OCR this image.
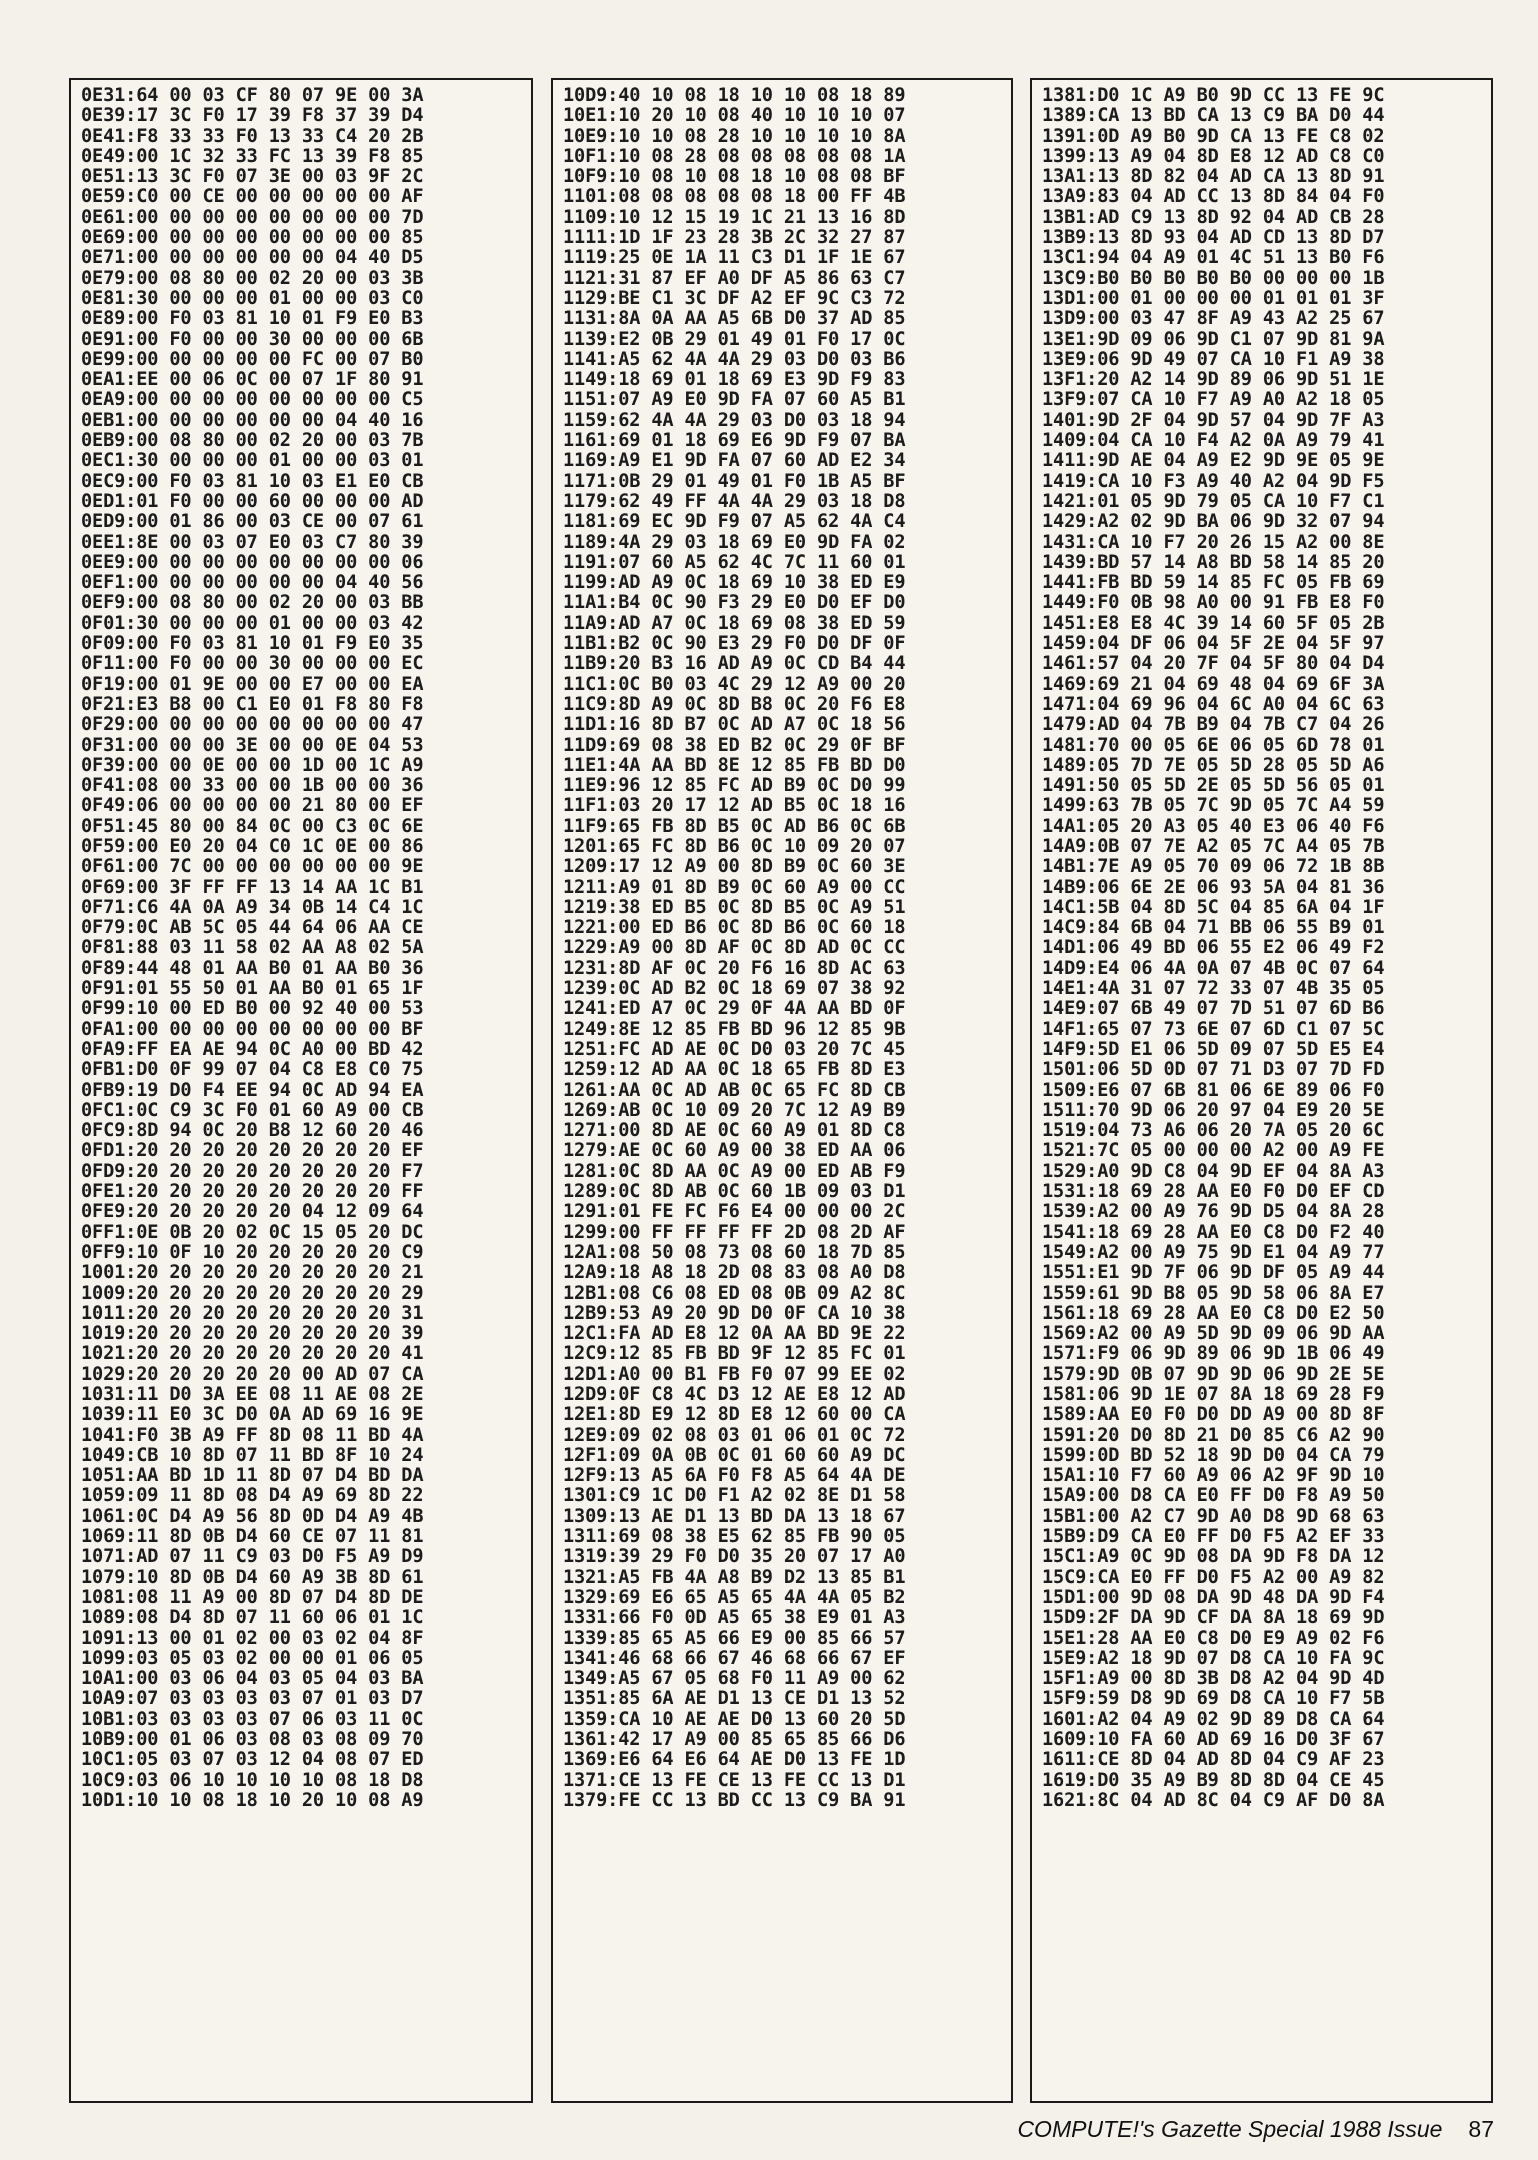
0E31:64 00 03 CF 80 07 9E 00 3A
0E39:17 3C F0 17 39 F8 37 39 D4
0E41:F8 33 33 F0 13 33 C4 20 2B
0E49:00 1C 32 33 FC 13 39 F8 85
0E51:13 3C F0 07 3E 00 03 9F 2C
0E59:C0 00 CE 00 00 00 00 00 AF
0E61:00 00 00 00 00 00 00 00 7D
0E69:00 00 00 00 00 00 00 00 85
0E71:00 00 00 00 00 00 04 40 D5
0E79:00 08 80 00 02 20 00 03 3B
0E81:30 00 00 00 01 00 00 03 C0
0E89:00 F0 03 81 10 01 F9 E0 B3
0E91:00 F0 00 00 30 00 00 00 6B
0E99:00 00 00 00 00 FC 00 07 B0
0EA1:EE 00 06 0C 00 07 1F 80 91
0EA9:00 00 00 00 00 00 00 00 C5
0EB1:00 00 00 00 00 00 04 40 16
0EB9:00 08 80 00 02 20 00 03 7B
0EC1:30 00 00 00 01 00 00 03 01
0EC9:00 F0 03 81 10 03 E1 E0 CB
0ED1:01 F0 00 00 60 00 00 00 AD
0ED9:00 01 86 00 03 CE 00 07 61
0EE1:8E 00 03 07 E0 03 C7 80 39
0EE9:00 00 00 00 00 00 00 00 06
0EF1:00 00 00 00 00 00 04 40 56
0EF9:00 08 80 00 02 20 00 03 BB
0F01:30 00 00 00 01 00 00 03 42
0F09:00 F0 03 81 10 01 F9 E0 35
0F11:00 F0 00 00 30 00 00 00 EC
0F19:00 01 9E 00 00 E7 00 00 EA
0F21:E3 B8 00 C1 E0 01 F8 80 F8
0F29:00 00 00 00 00 00 00 00 47
0F31:00 00 00 3E 00 00 0E 04 53
0F39:00 00 0E 00 00 1D 00 1C A9
0F41:08 00 33 00 00 1B 00 00 36
0F49:06 00 00 00 00 21 80 00 EF
0F51:45 80 00 84 0C 00 C3 0C 6E
0F59:00 E0 20 04 C0 1C 0E 00 86
0F61:00 7C 00 00 00 00 00 00 9E
0F69:00 3F FF FF 13 14 AA 1C B1
0F71:C6 4A 0A A9 34 0B 14 C4 1C
0F79:0C AB 5C 05 44 64 06 AA CE
0F81:88 03 11 58 02 AA A8 02 5A
0F89:44 48 01 AA B0 01 AA B0 36
0F91:01 55 50 01 AA B0 01 65 1F
0F99:10 00 ED B0 00 92 40 00 53
0FA1:00 00 00 00 00 00 00 00 BF
0FA9:FF EA AE 94 0C A0 00 BD 42
0FB1:D0 0F 99 07 04 C8 E8 C0 75
0FB9:19 D0 F4 EE 94 0C AD 94 EA
0FC1:0C C9 3C F0 01 60 A9 00 CB
0FC9:8D 94 0C 20 B8 12 60 20 46
0FD1:20 20 20 20 20 20 20 20 EF
0FD9:20 20 20 20 20 20 20 20 F7
0FE1:20 20 20 20 20 20 20 20 FF
0FE9:20 20 20 20 20 04 12 09 64
0FF1:0E 0B 20 02 0C 15 05 20 DC
0FF9:10 0F 10 20 20 20 20 20 C9
1001:20 20 20 20 20 20 20 20 21
1009:20 20 20 20 20 20 20 20 29
1011:20 20 20 20 20 20 20 20 31
1019:20 20 20 20 20 20 20 20 39
1021:20 20 20 20 20 20 20 20 41
1029:20 20 20 20 20 00 AD 07 CA
1031:11 D0 3A EE 08 11 AE 08 2E
1039:11 E0 3C D0 0A AD 69 16 9E
1041:F0 3B A9 FF 8D 08 11 BD 4A
1049:CB 10 8D 07 11 BD 8F 10 24
1051:AA BD 1D 11 8D 07 D4 BD DA
1059:09 11 8D 08 D4 A9 69 8D 22
1061:0C D4 A9 56 8D 0D D4 A9 4B
1069:11 8D 0B D4 60 CE 07 11 81
1071:AD 07 11 C9 03 D0 F5 A9 D9
1079:10 8D 0B D4 60 A9 3B 8D 61
1081:08 11 A9 00 8D 07 D4 8D DE
1089:08 D4 8D 07 11 60 06 01 1C
1091:13 00 01 02 00 03 02 04 8F
1099:03 05 03 02 00 00 01 06 05
10A1:00 03 06 04 03 05 04 03 BA
10A9:07 03 03 03 03 07 01 03 D7
10B1:03 03 03 03 07 06 03 11 0C
10B9:00 01 06 03 08 03 08 09 70
10C1:05 03 07 03 12 04 08 07 ED
10C9:03 06 10 10 10 10 08 18 D8
10D1:10 10 08 18 10 20 10 08 A9
10D9:40 10 08 18 10 10 08 18 89
10E1:10 20 10 08 40 10 10 10 07
10E9:10 10 08 28 10 10 10 10 8A
10F1:10 08 28 08 08 08 08 08 1A
10F9:10 08 10 08 18 10 08 08 BF
1101:08 08 08 08 08 18 00 FF 4B
1109:10 12 15 19 1C 21 13 16 8D
1111:1D 1F 23 28 3B 2C 32 27 87
1119:25 0E 1A 11 C3 D1 1F 1E 67
1121:31 87 EF A0 DF A5 86 63 C7
1129:BE C1 3C DF A2 EF 9C C3 72
1131:8A 0A AA A5 6B D0 37 AD 85
1139:E2 0B 29 01 49 01 F0 17 0C
1141:A5 62 4A 4A 29 03 D0 03 B6
1149:18 69 01 18 69 E3 9D F9 83
1151:07 A9 E0 9D FA 07 60 A5 B1
1159:62 4A 4A 29 03 D0 03 18 94
1161:69 01 18 69 E6 9D F9 07 BA
1169:A9 E1 9D FA 07 60 AD E2 34
1171:0B 29 01 49 01 F0 1B A5 BF
1179:62 49 FF 4A 4A 29 03 18 D8
1181:69 EC 9D F9 07 A5 62 4A C4
1189:4A 29 03 18 69 E0 9D FA 02
1191:07 60 A5 62 4C 7C 11 60 01
1199:AD A9 0C 18 69 10 38 ED E9
11A1:B4 0C 90 F3 29 E0 D0 EF D0
11A9:AD A7 0C 18 69 08 38 ED 59
11B1:B2 0C 90 E3 29 F0 D0 DF 0F
11B9:20 B3 16 AD A9 0C CD B4 44
11C1:0C B0 03 4C 29 12 A9 00 20
11C9:8D A9 0C 8D B8 0C 20 F6 E8
11D1:16 8D B7 0C AD A7 0C 18 56
11D9:69 08 38 ED B2 0C 29 0F BF
11E1:4A AA BD 8E 12 85 FB BD D0
11E9:96 12 85 FC AD B9 0C D0 99
11F1:03 20 17 12 AD B5 0C 18 16
11F9:65 FB 8D B5 0C AD B6 0C 6B
1201:65 FC 8D B6 0C 10 09 20 07
1209:17 12 A9 00 8D B9 0C 60 3E
1211:A9 01 8D B9 0C 60 A9 00 CC
1219:38 ED B5 0C 8D B5 0C A9 51
1221:00 ED B6 0C 8D B6 0C 60 18
1229:A9 00 8D AF 0C 8D AD 0C CC
1231:8D AF 0C 20 F6 16 8D AC 63
1239:0C AD B2 0C 18 69 07 38 92
1241:ED A7 0C 29 0F 4A AA BD 0F
1249:8E 12 85 FB BD 96 12 85 9B
1251:FC AD AE 0C D0 03 20 7C 45
1259:12 AD AA 0C 18 65 FB 8D E3
1261:AA 0C AD AB 0C 65 FC 8D CB
1269:AB 0C 10 09 20 7C 12 A9 B9
1271:00 8D AE 0C 60 A9 01 8D C8
1279:AE 0C 60 A9 00 38 ED AA 06
1281:0C 8D AA 0C A9 00 ED AB F9
1289:0C 8D AB 0C 60 1B 09 03 D1
1291:01 FE FC F6 E4 00 00 00 2C
1299:00 FF FF FF FF 2D 08 2D AF
12A1:08 50 08 73 08 60 18 7D 85
12A9:18 A8 18 2D 08 83 08 A0 D8
12B1:08 C6 08 ED 08 0B 09 A2 8C
12B9:53 A9 20 9D D0 0F CA 10 38
12C1:FA AD E8 12 0A AA BD 9E 22
12C9:12 85 FB BD 9F 12 85 FC 01
12D1:A0 00 B1 FB F0 07 99 EE 02
12D9:0F C8 4C D3 12 AE E8 12 AD
12E1:8D E9 12 8D E8 12 60 00 CA
12E9:09 02 08 03 01 06 01 0C 72
12F1:09 0A 0B 0C 01 60 60 A9 DC
12F9:13 A5 6A F0 F8 A5 64 4A DE
1301:C9 1C D0 F1 A2 02 8E D1 58
1309:13 AE D1 13 BD DA 13 18 67
1311:69 08 38 E5 62 85 FB 90 05
1319:39 29 F0 D0 35 20 07 17 A0
1321:A5 FB 4A A8 B9 D2 13 85 B1
1329:69 E6 65 A5 65 4A 4A 05 B2
1331:66 F0 0D A5 65 38 E9 01 A3
1339:85 65 A5 66 E9 00 85 66 57
1341:46 68 66 67 46 68 66 67 EF
1349:A5 67 05 68 F0 11 A9 00 62
1351:85 6A AE D1 13 CE D1 13 52
1359:CA 10 AE AE D0 13 60 20 5D
1361:42 17 A9 00 85 65 85 66 D6
1369:E6 64 E6 64 AE D0 13 FE 1D
1371:CE 13 FE CE 13 FE CC 13 D1
1379:FE CC 13 BD CC 13 C9 BA 91
1381:D0 1C A9 B0 9D CC 13 FE 9C
1389:CA 13 BD CA 13 C9 BA D0 44
1391:0D A9 B0 9D CA 13 FE C8 02
1399:13 A9 04 8D E8 12 AD C8 C0
13A1:13 8D 82 04 AD CA 13 8D 91
13A9:83 04 AD CC 13 8D 84 04 F0
13B1:AD C9 13 8D 92 04 AD CB 28
13B9:13 8D 93 04 AD CD 13 8D D7
13C1:94 04 A9 01 4C 51 13 B0 F6
13C9:B0 B0 B0 B0 B0 00 00 00 1B
13D1:00 01 00 00 00 01 01 01 3F
13D9:00 03 47 8F A9 43 A2 25 67
13E1:9D 09 06 9D C1 07 9D 81 9A
13E9:06 9D 49 07 CA 10 F1 A9 38
13F1:20 A2 14 9D 89 06 9D 51 1E
13F9:07 CA 10 F7 A9 A0 A2 18 05
1401:9D 2F 04 9D 57 04 9D 7F A3
1409:04 CA 10 F4 A2 0A A9 79 41
1411:9D AE 04 A9 E2 9D 9E 05 9E
1419:CA 10 F3 A9 40 A2 04 9D F5
1421:01 05 9D 79 05 CA 10 F7 C1
1429:A2 02 9D BA 06 9D 32 07 94
1431:CA 10 F7 20 26 15 A2 00 8E
1439:BD 57 14 A8 BD 58 14 85 20
1441:FB BD 59 14 85 FC 05 FB 69
1449:F0 0B 98 A0 00 91 FB E8 F0
1451:E8 E8 4C 39 14 60 5F 05 2B
1459:04 DF 06 04 5F 2E 04 5F 97
1461:57 04 20 7F 04 5F 80 04 D4
1469:69 21 04 69 48 04 69 6F 3A
1471:04 69 96 04 6C A0 04 6C 63
1479:AD 04 7B B9 04 7B C7 04 26
1481:70 00 05 6E 06 05 6D 78 01
1489:05 7D 7E 05 5D 28 05 5D A6
1491:50 05 5D 2E 05 5D 56 05 01
1499:63 7B 05 7C 9D 05 7C A4 59
14A1:05 20 A3 05 40 E3 06 40 F6
14A9:0B 07 7E A2 05 7C A4 05 7B
14B1:7E A9 05 70 09 06 72 1B 8B
14B9:06 6E 2E 06 93 5A 04 81 36
14C1:5B 04 8D 5C 04 85 6A 04 1F
14C9:84 6B 04 71 BB 06 55 B9 01
14D1:06 49 BD 06 55 E2 06 49 F2
14D9:E4 06 4A 0A 07 4B 0C 07 64
14E1:4A 31 07 72 33 07 4B 35 05
14E9:07 6B 49 07 7D 51 07 6D B6
14F1:65 07 73 6E 07 6D C1 07 5C
14F9:5D E1 06 5D 09 07 5D E5 E4
1501:06 5D 0D 07 71 D3 07 7D FD
1509:E6 07 6B 81 06 6E 89 06 F0
1511:70 9D 06 20 97 04 E9 20 5E
1519:04 73 A6 06 20 7A 05 20 6C
1521:7C 05 00 00 00 A2 00 A9 FE
1529:A0 9D C8 04 9D EF 04 8A A3
1531:18 69 28 AA E0 F0 D0 EF CD
1539:A2 00 A9 76 9D D5 04 8A 28
1541:18 69 28 AA E0 C8 D0 F2 40
1549:A2 00 A9 75 9D E1 04 A9 77
1551:E1 9D 7F 06 9D DF 05 A9 44
1559:61 9D B8 05 9D 58 06 8A E7
1561:18 69 28 AA E0 C8 D0 E2 50
1569:A2 00 A9 5D 9D 09 06 9D AA
1571:F9 06 9D 89 06 9D 1B 06 49
1579:9D 0B 07 9D 9D 06 9D 2E 5E
1581:06 9D 1E 07 8A 18 69 28 F9
1589:AA E0 F0 D0 DD A9 00 8D 8F
1591:20 D0 8D 21 D0 85 C6 A2 90
1599:0D BD 52 18 9D D0 04 CA 79
15A1:10 F7 60 A9 06 A2 9F 9D 10
15A9:00 D8 CA E0 FF D0 F8 A9 50
15B1:00 A2 C7 9D A0 D8 9D 68 63
15B9:D9 CA E0 FF D0 F5 A2 EF 33
15C1:A9 0C 9D 08 DA 9D F8 DA 12
15C9:CA E0 FF D0 F5 A2 00 A9 82
15D1:00 9D 08 DA 9D 48 DA 9D F4
15D9:2F DA 9D CF DA 8A 18 69 9D
15E1:28 AA E0 C8 D0 E9 A9 02 F6
15E9:A2 18 9D 07 D8 CA 10 FA 9C
15F1:A9 00 8D 3B D8 A2 04 9D 4D
15F9:59 D8 9D 69 D8 CA 10 F7 5B
1601:A2 04 A9 02 9D 89 D8 CA 64
1609:10 FA 60 AD 69 16 D0 3F 67
1611:CE 8D 04 AD 8D 04 C9 AF 23
1619:D0 35 A9 B9 8D 8D 04 CE 45
1621:8C 04 AD 8C 04 C9 AF D0 8A
COMPUTE!'s Gazette Special 1988 Issue 87
